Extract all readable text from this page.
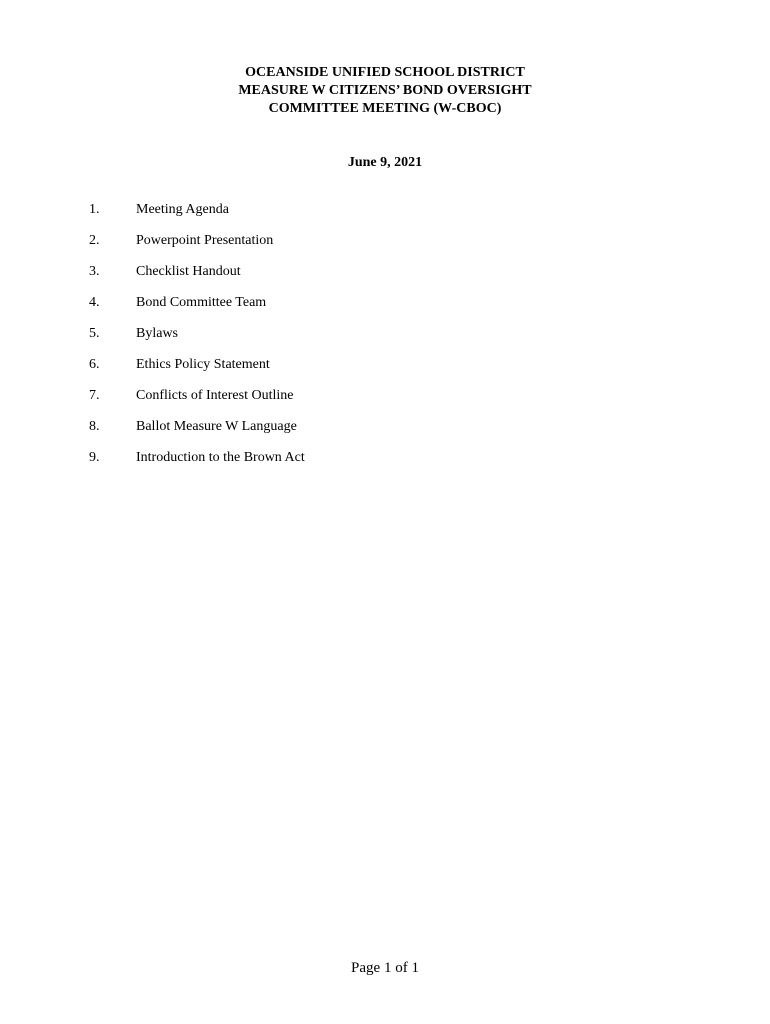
OCEANSIDE UNIFIED SCHOOL DISTRICT
MEASURE W CITIZENS’ BOND OVERSIGHT
COMMITTEE MEETING (W-CBOC)
June 9, 2021
1.	Meeting Agenda
2.	Powerpoint Presentation
3.	Checklist Handout
4.	Bond Committee Team
5.	Bylaws
6.	Ethics Policy Statement
7.	Conflicts of Interest Outline
8.	Ballot Measure W Language
9.	Introduction to the Brown Act
Page 1 of 1
